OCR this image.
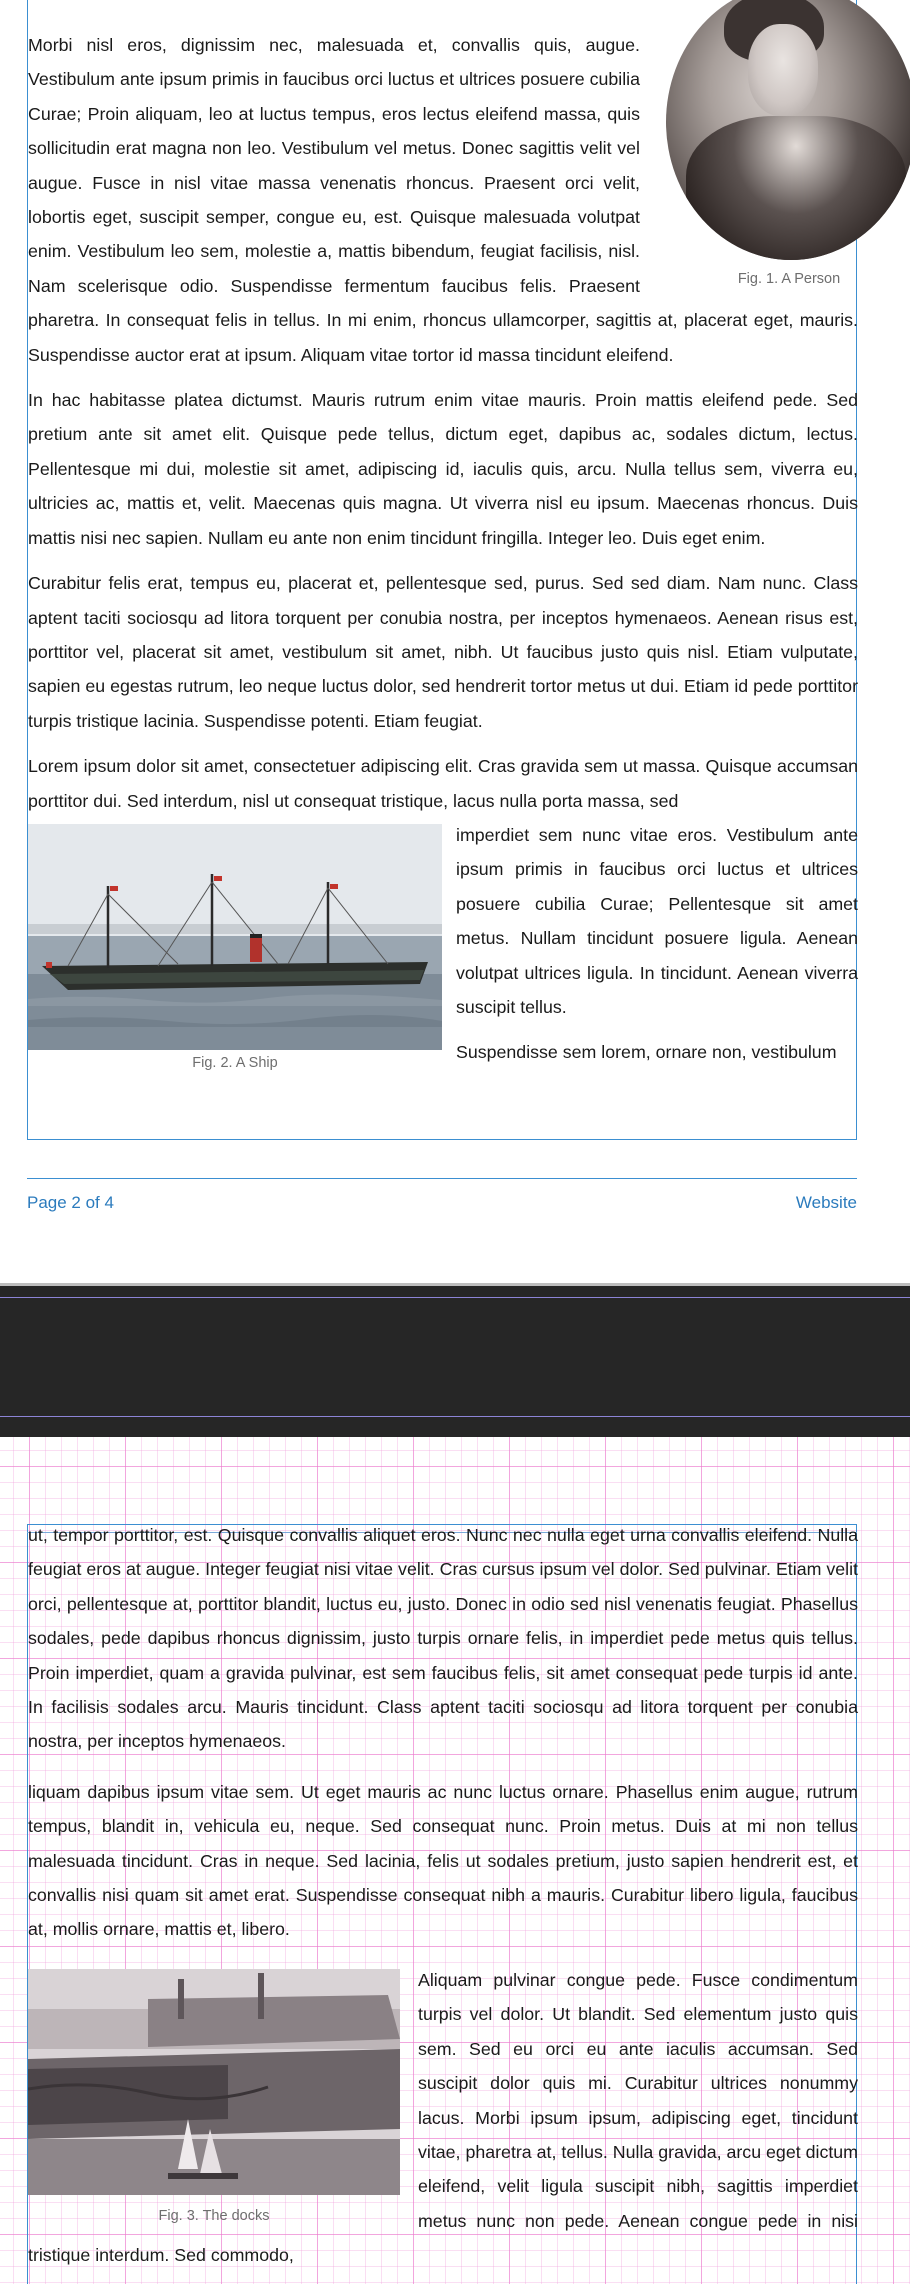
Fig. 1. A Person

Morbi nisl eros, dignissim nec, malesuada et, convallis quis, augue. Vestibulum ante ipsum primis in faucibus orci luctus et ultrices posuere cubilia Curae; Proin aliquam, leo at luctus tempus, eros lectus eleifend massa, quis sollicitudin erat magna non leo. Vestibulum vel metus. Donec sagittis velit vel augue. Fusce in nisl vitae massa venenatis rhoncus. Praesent orci velit, lobortis eget, suscipit semper, congue eu, est. Quisque malesuada volutpat enim. Vestibulum leo sem, molestie a, mattis bibendum, feugiat facilisis, nisl. Nam scelerisque odio. Suspendisse fermentum faucibus felis. Praesent pharetra. In consequat felis in tellus. In mi enim, rhoncus ullamcorper, sagittis at, placerat eget, mauris. Suspendisse auctor erat at ipsum. Aliquam vitae tortor id massa tincidunt eleifend.

In hac habitasse platea dictumst. Mauris rutrum enim vitae mauris. Proin mattis eleifend pede. Sed pretium ante sit amet elit. Quisque pede tellus, dictum eget, dapibus ac, sodales dictum, lectus. Pellentesque mi dui, molestie sit amet, adipiscing id, iaculis quis, arcu. Nulla tellus sem, viverra eu, ultricies ac, mattis et, velit. Maecenas quis magna. Ut viverra nisl eu ipsum. Maecenas rhoncus. Duis mattis nisi nec sapien. Nullam eu ante non enim tincidunt fringilla. Integer leo. Duis eget enim.

Curabitur felis erat, tempus eu, placerat et, pellentesque sed, purus. Sed sed diam. Nam nunc. Class aptent taciti sociosqu ad litora torquent per conubia nostra, per inceptos hymenaeos. Aenean risus est, porttitor vel, placerat sit amet, vestibulum sit amet, nibh. Ut faucibus justo quis nisl. Etiam vulputate, sapien eu egestas rutrum, leo neque luctus dolor, sed hendrerit tortor metus ut dui. Etiam id pede porttitor turpis tristique lacinia. Suspendisse potenti. Etiam feugiat.

Lorem ipsum dolor sit amet, consectetuer adipiscing elit. Cras gravida sem ut massa. Quisque accumsan porttitor dui. Sed interdum, nisl ut consequat tristique, lacus nulla porta massa, sed

Fig. 2. A Ship

imperdiet sem nunc vitae eros. Vestibulum ante ipsum primis in faucibus orci luctus et ultrices posuere cubilia Curae; Pellentesque sit amet metus. Nullam tincidunt posuere ligula. Aenean volutpat ultrices ligula. In tincidunt. Aenean viverra suscipit tellus.

Suspendisse sem lorem, ornare non, vestibulum

Page 2 of 4	Website

ut, tempor porttitor, est. Quisque convallis aliquet eros. Nunc nec nulla eget urna convallis eleifend. Nulla feugiat eros at augue. Integer feugiat nisi vitae velit. Cras cursus ipsum vel dolor. Sed pulvinar. Etiam velit orci, pellentesque at, porttitor blandit, luctus eu, justo. Donec in odio sed nisl venenatis feugiat. Phasellus sodales, pede dapibus rhoncus dignissim, justo turpis ornare felis, in imperdiet pede metus quis tellus. Proin imperdiet, quam a gravida pulvinar, est sem faucibus felis, sit amet consequat pede turpis id ante. In facilisis sodales arcu. Mauris tincidunt. Class aptent taciti sociosqu ad litora torquent per conubia nostra, per inceptos hymenaeos.

liquam dapibus ipsum vitae sem. Ut eget mauris ac nunc luctus ornare. Phasellus enim augue, rutrum tempus, blandit in, vehicula eu, neque. Sed consequat nunc. Proin metus. Duis at mi non tellus malesuada tincidunt. Cras in neque. Sed lacinia, felis ut sodales pretium, justo sapien hendrerit est, et convallis nisi quam sit amet erat. Suspendisse consequat nibh a mauris. Curabitur libero ligula, faucibus at, mollis ornare, mattis et, libero.

Fig. 3. The docks

Aliquam pulvinar congue pede. Fusce condimentum turpis vel dolor. Ut blandit. Sed elementum justo quis sem. Sed eu orci eu ante iaculis accumsan. Sed suscipit dolor quis mi. Curabitur ultrices nonummy lacus. Morbi ipsum ipsum, adipiscing eget, tincidunt vitae, pharetra at, tellus. Nulla gravida, arcu eget dictum eleifend, velit ligula suscipit nibh, sagittis imperdiet metus nunc non pede. Aenean congue pede in nisi tristique interdum. Sed commodo,
